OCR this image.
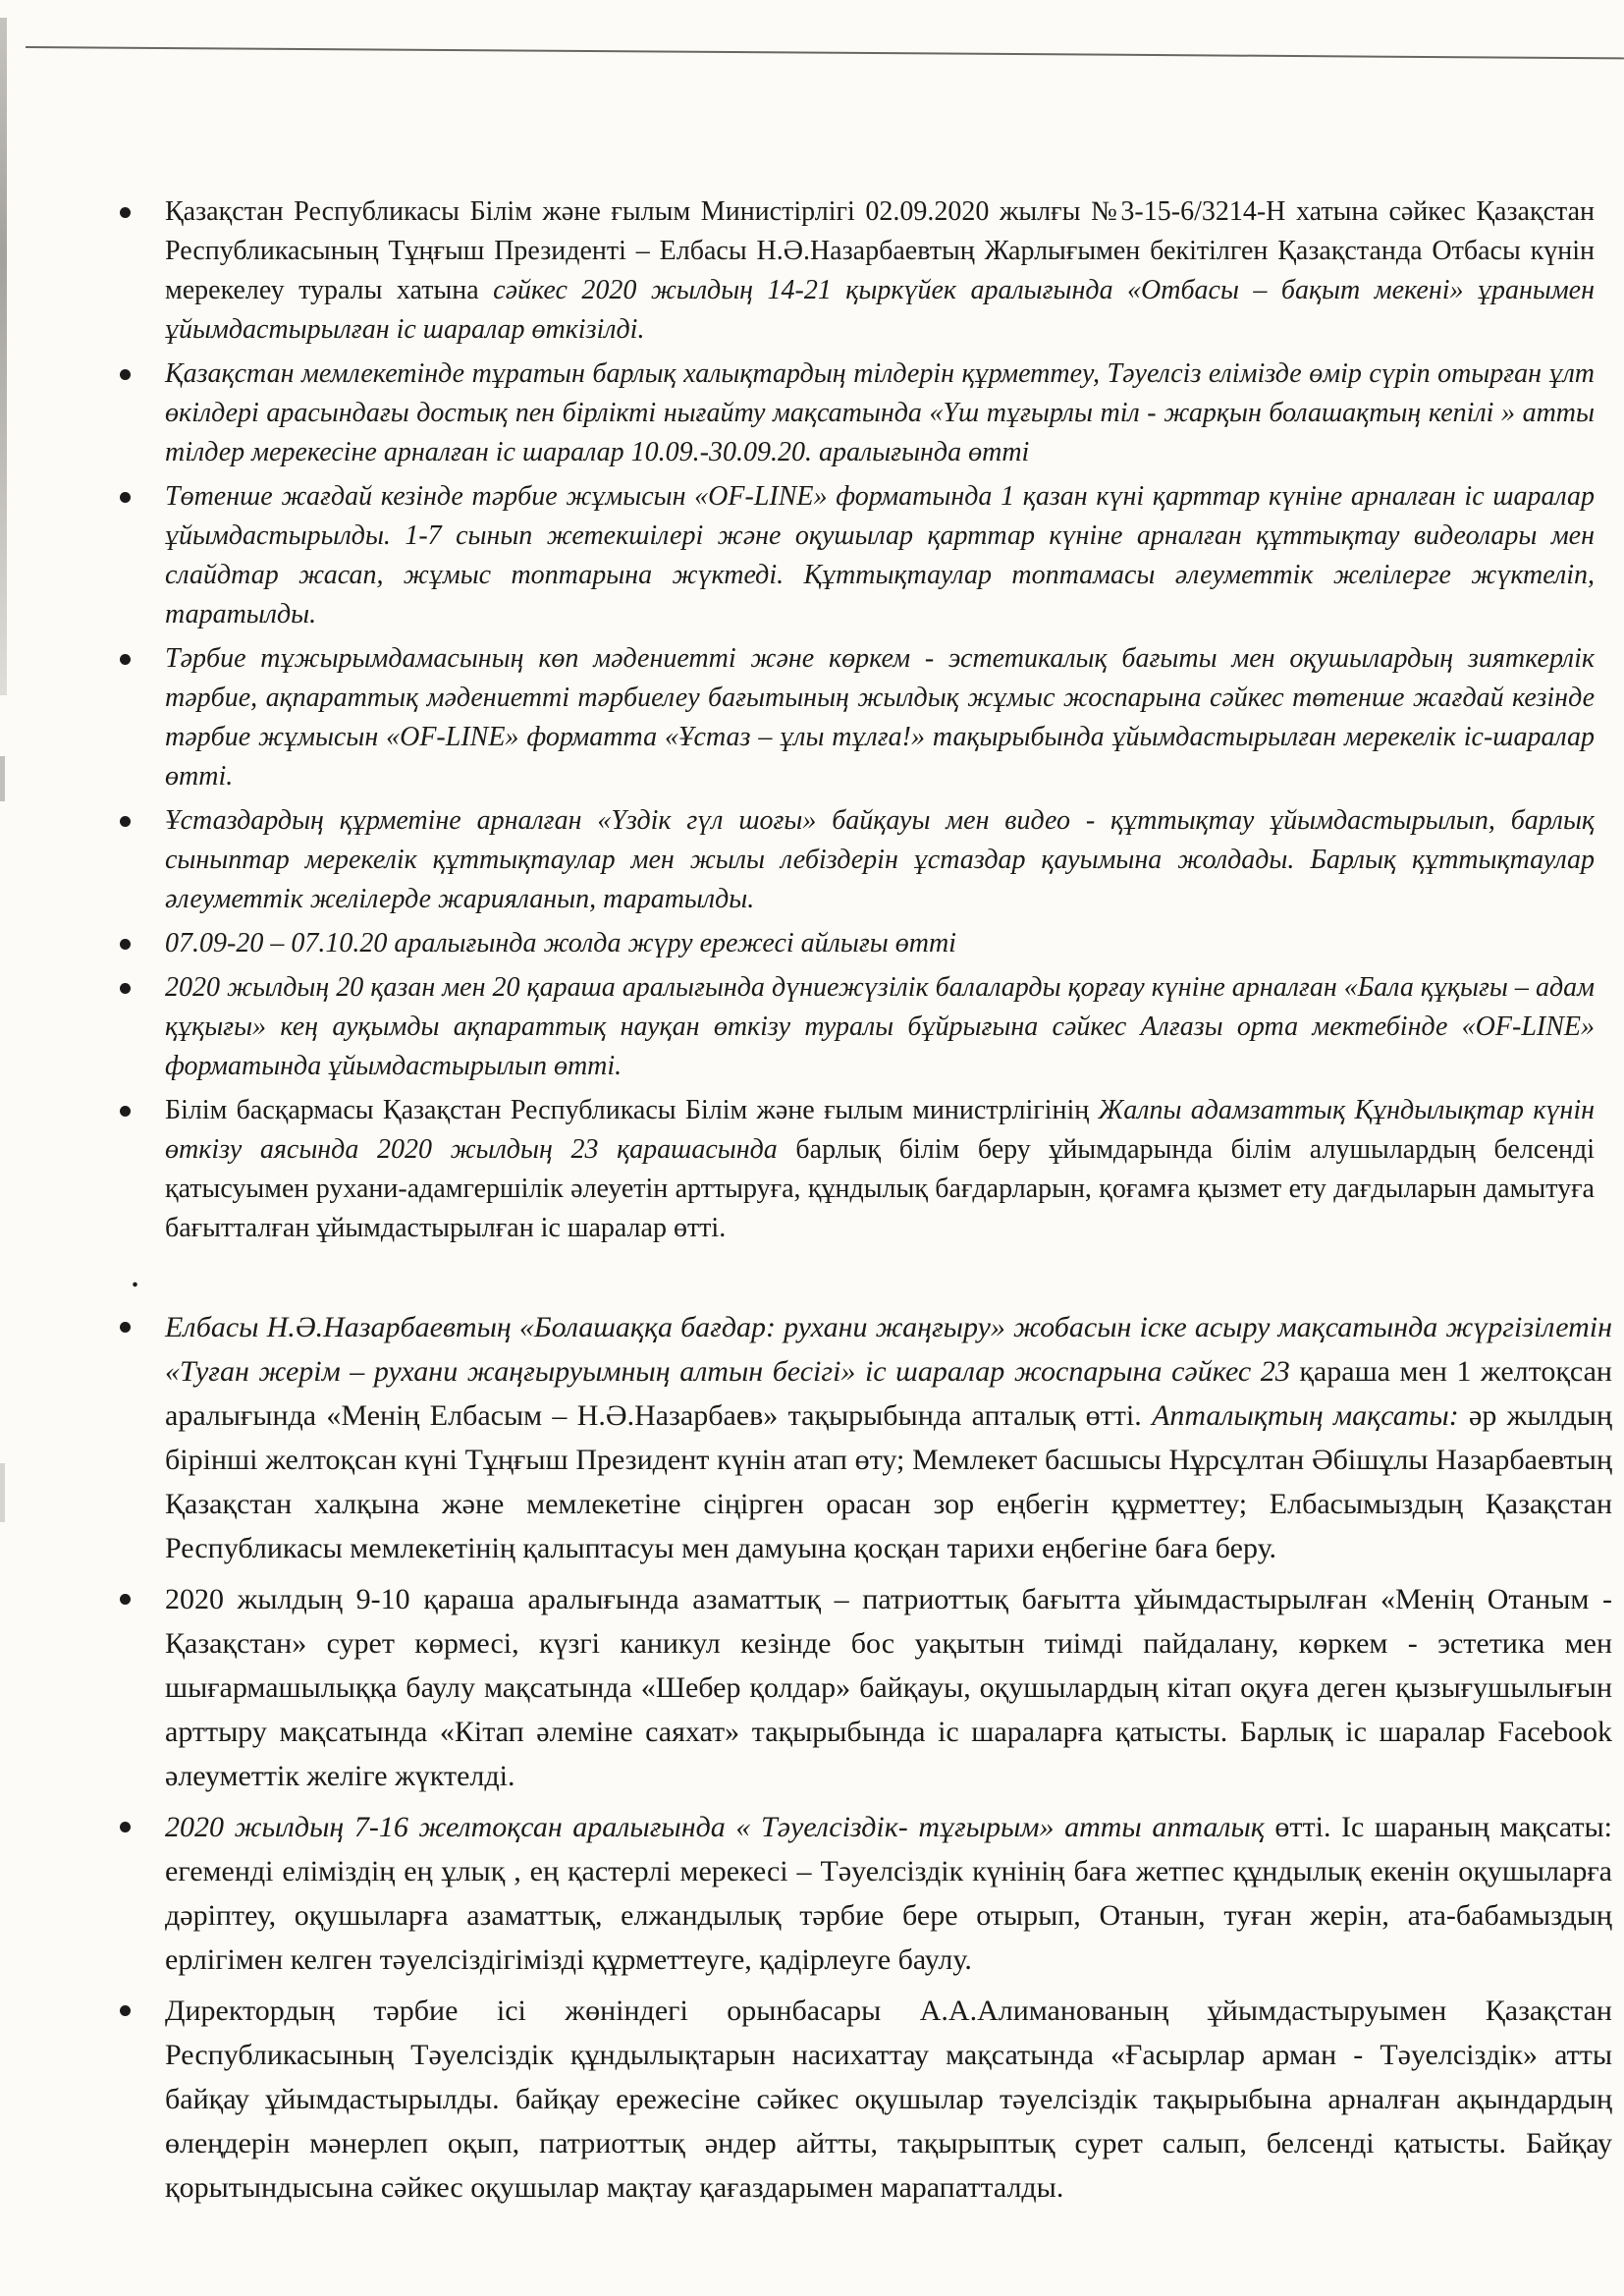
Қазақстан Республикасы Білім және ғылым Министірлігі 02.09.2020 жылғы №3-15-6/3214-Н хатына сәйкес Қазақстан Республикасының Тұңғыш Президенті – Елбасы Н.Ә.Назарбаевтың Жарлығымен бекітілген Қазақстанда Отбасы күнін мерекелеу туралы хатына сәйкес 2020 жылдың 14-21 қыркүйек аралығында «Отбасы – бақыт мекені» ұранымен ұйымдастырылған іс шаралар өткізілді.
Қазақстан мемлекетінде тұратын барлық халықтардың тілдерін құрметтеу, Тәуелсіз елімізде өмір сүріп отырған ұлт өкілдері арасындағы достық пен бірлікті нығайту мақсатында «Үш тұғырлы тіл - жарқын болашақтың кепілі » атты тілдер мерекесіне арналған іс шаралар 10.09.-30.09.20. аралығында өтті
Төтенше жағдай кезінде тәрбие жұмысын «OF-LINE» форматында 1 қазан күні қарттар күніне арналған іс шаралар ұйымдастырылды. 1-7 сынып жетекшілері және оқушылар қарттар күніне арналған құттықтау видеолары мен слайдтар жасап, жұмыс топтарына жүктеді. Құттықтаулар топтамасы әлеуметтік желілерге жүктеліп, таратылды.
Тәрбие тұжырымдамасының көп мәдениетті және көркем - эстетикалық бағыты мен оқушылардың зияткерлік тәрбие, ақпараттық мәдениетті тәрбиелеу бағытының жылдық жұмыс жоспарына сәйкес төтенше жағдай кезінде тәрбие жұмысын «OF-LINE» форматта «Ұстаз – ұлы тұлға!» тақырыбында ұйымдастырылған мерекелік іс-шаралар өтті.
Ұстаздардың құрметіне арналған «Үздік гүл шоғы» байқауы мен видео - құттықтау ұйымдастырылып, барлық сыныптар мерекелік құттықтаулар мен жылы лебіздерін ұстаздар қауымына жолдады. Барлық құттықтаулар әлеуметтік желілерде жарияланып, таратылды.
07.09-20 – 07.10.20 аралығында жолда жүру ережесі айлығы өтті
2020 жылдың 20 қазан мен 20 қараша аралығында дүниежүзілік балаларды қорғау күніне арналған «Бала құқығы – адам құқығы» кең ауқымды ақпараттық науқан өткізу туралы бұйрығына сәйкес Алғазы орта мектебінде «OF-LINE» форматында ұйымдастырылып өтті.
Білім басқармасы Қазақстан Республикасы Білім және ғылым министрлігінің Жалпы адамзаттық Құндылықтар күнін өткізу аясында 2020 жылдың 23 қарашасында барлық білім беру ұйымдарында білім алушылардың белсенді қатысуымен рухани-адамгершілік әлеуетін арттыруға, құндылық бағдарларын, қоғамға қызмет ету дағдыларын дамытуға бағытталған ұйымдастырылған іс шаралар өтті.
.
Елбасы Н.Ә.Назарбаевтың «Болашаққа бағдар: рухани жаңғыру» жобасын іске асыру мақсатында жүргізілетін «Туған жерім – рухани жаңғыруымның алтын бесігі» іс шаралар жоспарына сәйкес 23 қараша мен 1 желтоқсан аралығында «Менің Елбасым – Н.Ә.Назарбаев» тақырыбында апталық өтті. Апталықтың мақсаты: әр жылдың бірінші желтоқсан күні Тұңғыш Президент күнін атап өту; Мемлекет басшысы Нұрсұлтан Әбішұлы Назарбаевтың Қазақстан халқына және мемлекетіне сіңірген орасан зор еңбегін құрметтеу; Елбасымыздың Қазақстан Республикасы мемлекетінің қалыптасуы мен дамуына қосқан тарихи еңбегіне баға беру.
2020 жылдың 9-10 қараша аралығында азаматтық – патриоттық бағытта ұйымдастырылған «Менің Отаным - Қазақстан» сурет көрмесі, күзгі каникул кезінде бос уақытын тиімді пайдалану, көркем - эстетика мен шығармашылыққа баулу мақсатында «Шебер қолдар» байқауы, оқушылардың кітап оқуға деген қызығушылығын арттыру мақсатында «Кітап әлеміне саяхат» тақырыбында іс шараларға қатысты. Барлық іс шаралар Facebook әлеуметтік желіге жүктелді.
2020 жылдың 7-16 желтоқсан аралығында « Тәуелсіздік- тұғырым» атты апталық өтті. Іс шараның мақсаты: егеменді еліміздің ең ұлық , ең қастерлі мерекесі – Тәуелсіздік күнінің баға жетпес құндылық екенін оқушыларға дәріптеу, оқушыларға азаматтық, елжандылық тәрбие бере отырып, Отанын, туған жерін, ата-бабамыздың ерлігімен келген тәуелсіздігімізді құрметтеуге, қадірлеуге баулу.
Директордың тәрбие ісі жөніндегі орынбасары А.А.Алиманованың ұйымдастыруымен Қазақстан Республикасының Тәуелсіздік құндылықтарын насихаттау мақсатында «Ғасырлар арман - Тәуелсіздік» атты байқау ұйымдастырылды. байқау ережесіне сәйкес оқушылар тәуелсіздік тақырыбына арналған ақындардың өлеңдерін мәнерлеп оқып, патриоттық әндер айтты, тақырыптық сурет салып, белсенді қатысты. Байқау қорытындысына сәйкес оқушылар мақтау қағаздарымен марапатталды.
